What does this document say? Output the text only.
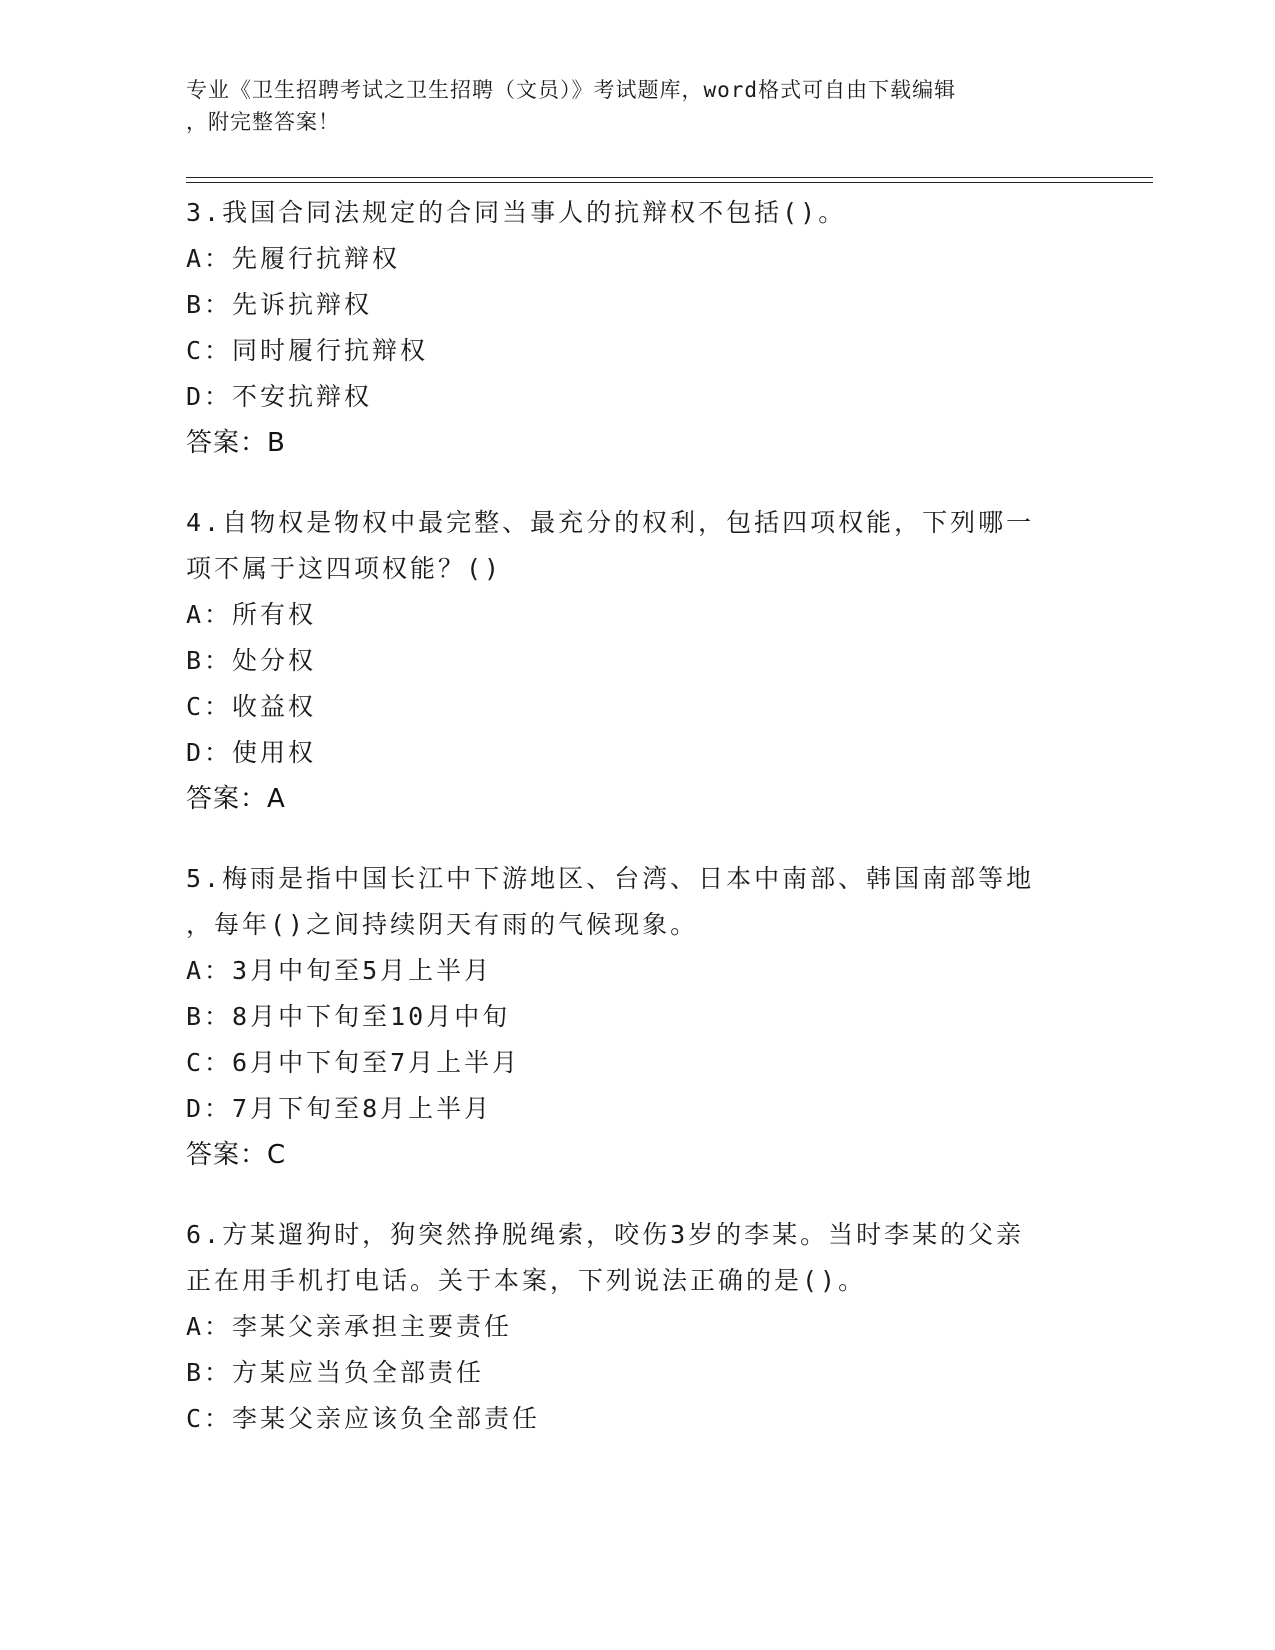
专业《卫生招聘考试之卫生招聘（文员）》考试题库，word格式可自由下载编辑
，附完整答案！
3.我国合同法规定的合同当事人的抗辩权不包括()。
A：先履行抗辩权
B：先诉抗辩权
C：同时履行抗辩权
D：不安抗辩权
答案：B
4.自物权是物权中最完整、最充分的权利，包括四项权能，下列哪一
项不属于这四项权能？()
A：所有权
B：处分权
C：收益权
D：使用权
答案：A
5.梅雨是指中国长江中下游地区、台湾、日本中南部、韩国南部等地
，每年()之间持续阴天有雨的气候现象。
A：3月中旬至5月上半月
B：8月中下旬至10月中旬
C：6月中下旬至7月上半月
D：7月下旬至8月上半月
答案：C
6.方某遛狗时，狗突然挣脱绳索，咬伤3岁的李某。当时李某的父亲
正在用手机打电话。关于本案，下列说法正确的是()。
A：李某父亲承担主要责任
B：方某应当负全部责任
C：李某父亲应该负全部责任
